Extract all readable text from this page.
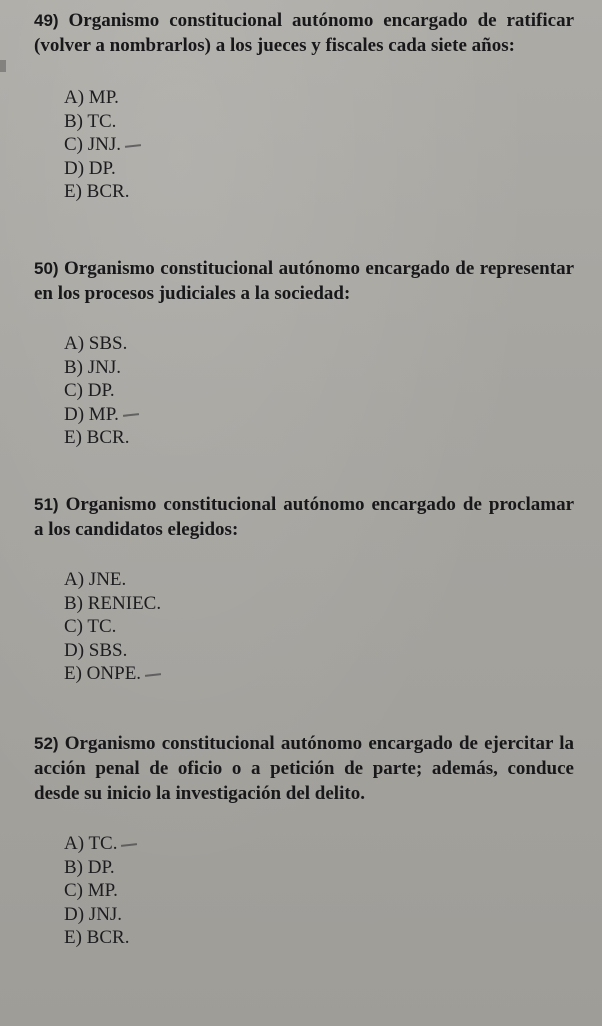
49) Organismo constitucional autónomo encargado de ratificar (volver a nombrarlos) a los jueces y fiscales cada siete años:

A) MP.
B) TC.
C) JNJ.
D) DP.
E) BCR.

50) Organismo constitucional autónomo encargado de representar en los procesos judiciales a la sociedad:

A) SBS.
B) JNJ.
C) DP.
D) MP.
E) BCR.

51) Organismo constitucional autónomo encargado de proclamar a los candidatos elegidos:

A) JNE.
B) RENIEC.
C) TC.
D) SBS.
E) ONPE.

52) Organismo constitucional autónomo encargado de ejercitar la acción penal de oficio o a petición de parte; además, conduce desde su inicio la investigación del delito.

A) TC.
B) DP.
C) MP.
D) JNJ.
E) BCR.
